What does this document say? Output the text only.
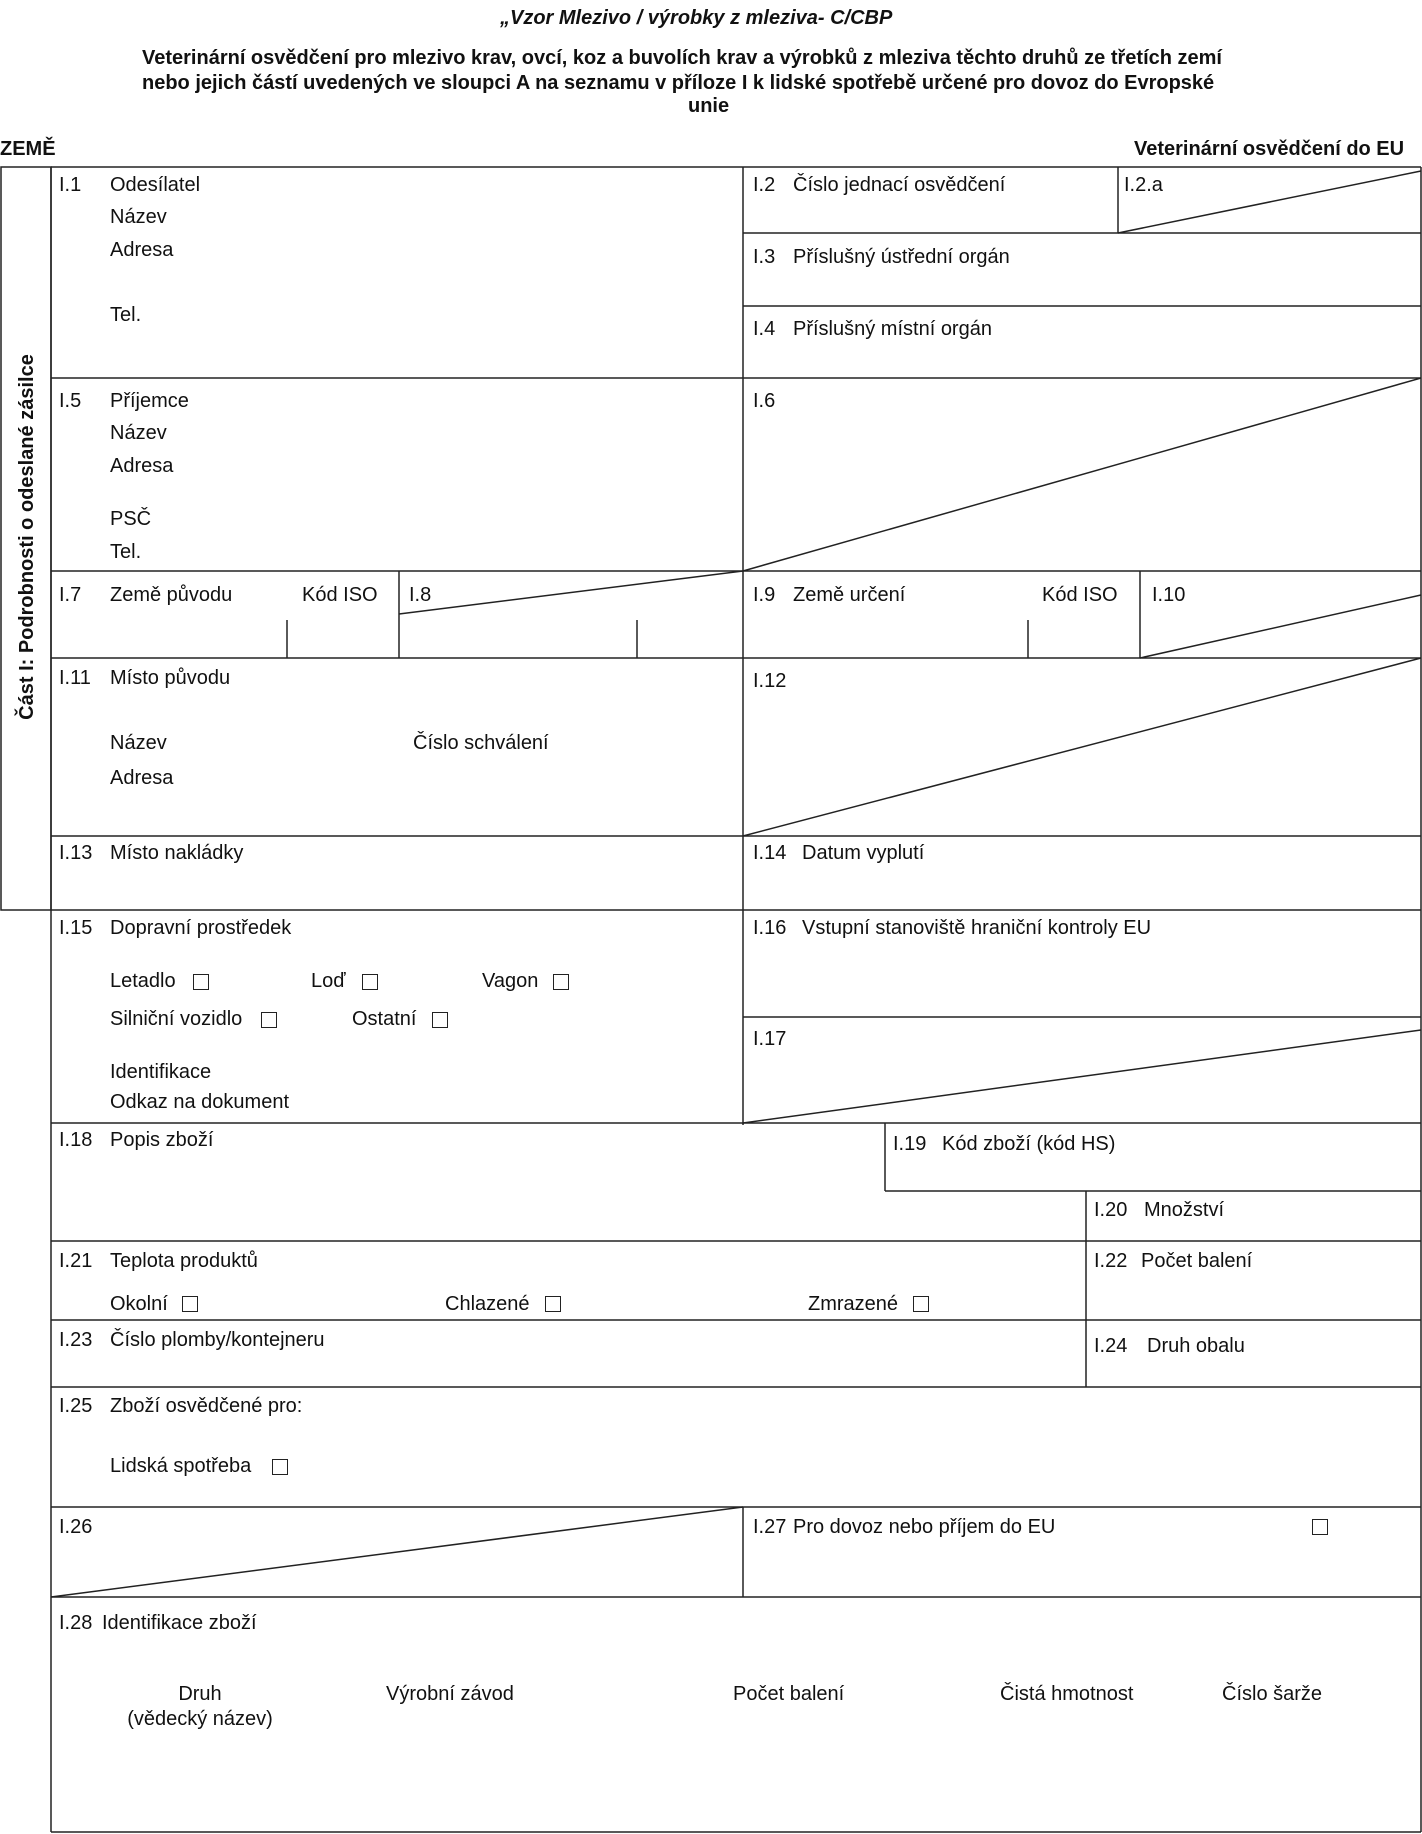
„Vzor Mlezivo / výrobky z mleziva- C/CBP
Veterinární osvědčení pro mlezivo krav, ovcí, koz a buvolích krav a výrobků z mleziva těchto druhů ze třetích zemí
nebo jejich částí uvedených ve sloupci A na seznamu v příloze I k lidské spotřebě určené pro dovoz do Evropské
unie
ZEMĚ	Veterinární osvědčení do EU
Část I: Podrobnosti o odeslané zásilce
I.1 Odesílatel
Název
Adresa
Tel.
I.2 Číslo jednací osvědčení	I.2.a
I.3 Příslušný ústřední orgán
I.4 Příslušný místní orgán
I.5 Příjemce
Název
Adresa
PSČ
Tel.
I.6
I.7 Země původu	Kód ISO I.8	I.9 Země určení	Kód ISO I.10
I.11 Místo původu
Název	Číslo schválení
Adresa
I.12
I.13 Místo nakládky	I.14 Datum vyplutí
I.15 Dopravní prostředek
Letadlo	Loď	Vagon
Silniční vozidlo	Ostatní
Identifikace
Odkaz na dokument
I.16 Vstupní stanoviště hraniční kontroly EU
I.17
I.18 Popis zboží	I.19 Kód zboží (kód HS)
I.20 Množství
I.21 Teplota produktů
Okolní	Chlazené	Zmrazené
I.22 Počet balení
I.23 Číslo plomby/kontejneru	I.24 Druh obalu
I.25 Zboží osvědčené pro:
Lidská spotřeba
I.26	I.27 Pro dovoz nebo příjem do EU
I.28 Identifikace zboží
Druh
(vědecký název)
Výrobní závod	Počet balení	Čistá hmotnost	Číslo šarže
